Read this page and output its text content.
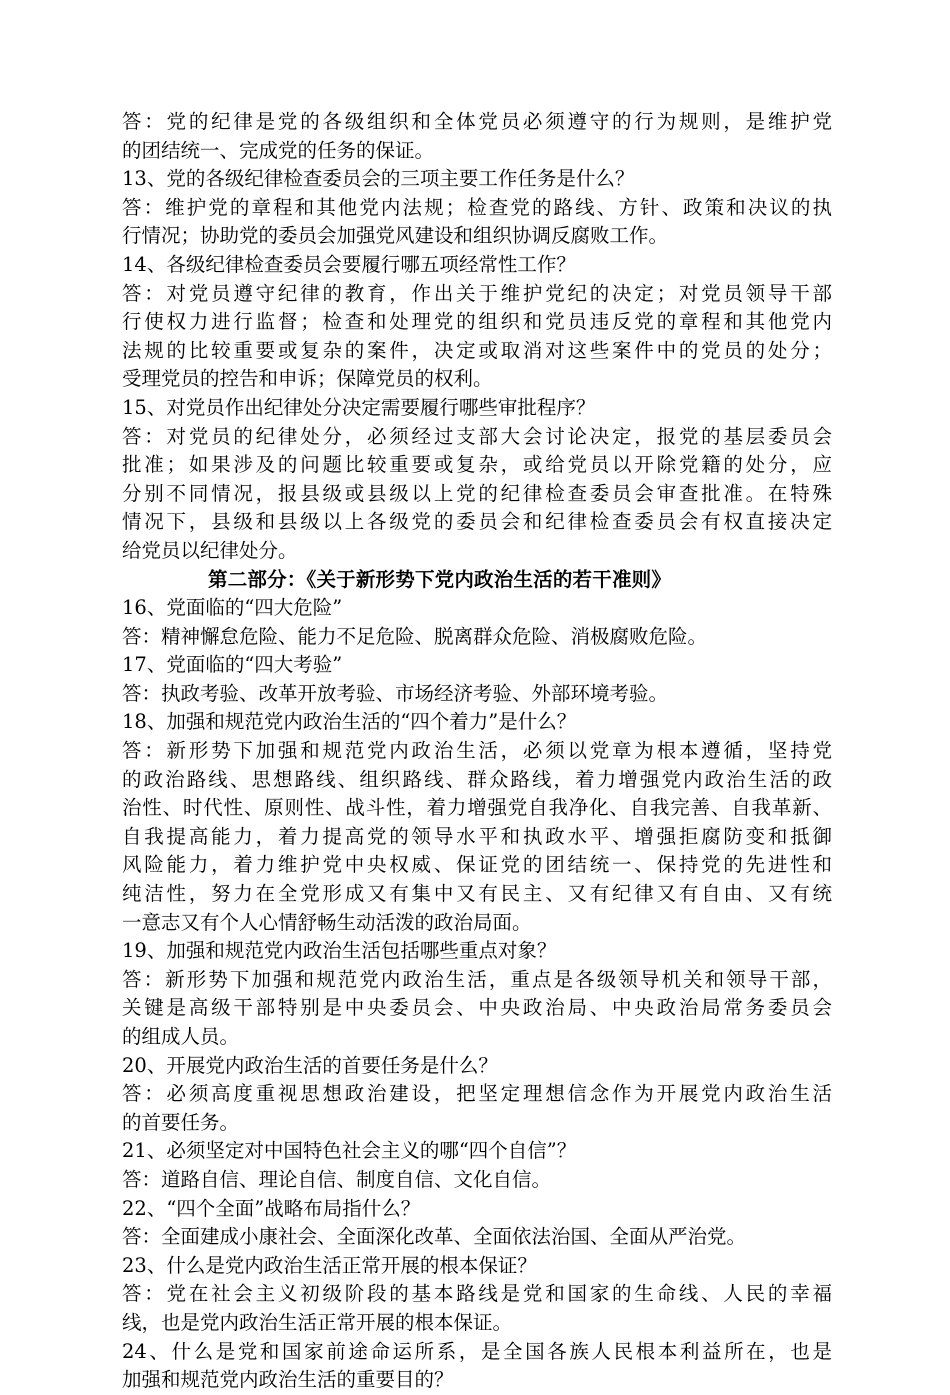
答：党的纪律是党的各级组织和全体党员必须遵守的行为规则，是维护党
的团结统一、完成党的任务的保证。
13、党的各级纪律检查委员会的三项主要工作任务是什么？
答：维护党的章程和其他党内法规；检查党的路线、方针、政策和决议的执
行情况；协助党的委员会加强党风建设和组织协调反腐败工作。
14、各级纪律检查委员会要履行哪五项经常性工作？
答：对党员遵守纪律的教育，作出关于维护党纪的决定；对党员领导干部
行使权力进行监督；检查和处理党的组织和党员违反党的章程和其他党内
法规的比较重要或复杂的案件，决定或取消对这些案件中的党员的处分；
受理党员的控告和申诉；保障党员的权利。
15、对党员作出纪律处分决定需要履行哪些审批程序？
答：对党员的纪律处分，必须经过支部大会讨论决定，报党的基层委员会
批准；如果涉及的问题比较重要或复杂，或给党员以开除党籍的处分，应
分别不同情况，报县级或县级以上党的纪律检查委员会审查批准。在特殊
情况下，县级和县级以上各级党的委员会和纪律检查委员会有权直接决定
给党员以纪律处分。
第二部分：《关于新形势下党内政治生活的若干准则》
16、党面临的“四大危险”
答：精神懈怠危险、能力不足危险、脱离群众危险、消极腐败危险。
17、党面临的“四大考验”
答：执政考验、改革开放考验、市场经济考验、外部环境考验。
18、加强和规范党内政治生活的“四个着力”是什么？
答：新形势下加强和规范党内政治生活，必须以党章为根本遵循，坚持党
的政治路线、思想路线、组织路线、群众路线，着力增强党内政治生活的政
治性、时代性、原则性、战斗性，着力增强党自我净化、自我完善、自我革新、
自我提高能力，着力提高党的领导水平和执政水平、增强拒腐防变和抵御
风险能力，着力维护党中央权威、保证党的团结统一、保持党的先进性和
纯洁性，努力在全党形成又有集中又有民主、又有纪律又有自由、又有统
一意志又有个人心情舒畅生动活泼的政治局面。
19、加强和规范党内政治生活包括哪些重点对象？
答：新形势下加强和规范党内政治生活，重点是各级领导机关和领导干部，
关键是高级干部特别是中央委员会、中央政治局、中央政治局常务委员会
的组成人员。
20、开展党内政治生活的首要任务是什么？
答：必须高度重视思想政治建设，把坚定理想信念作为开展党内政治生活
的首要任务。
21、必须坚定对中国特色社会主义的哪“四个自信”？
答：道路自信、理论自信、制度自信、文化自信。
22、“四个全面”战略布局指什么？
答：全面建成小康社会、全面深化改革、全面依法治国、全面从严治党。
23、什么是党内政治生活正常开展的根本保证？
答：党在社会主义初级阶段的基本路线是党和国家的生命线、人民的幸福
线，也是党内政治生活正常开展的根本保证。
24、什么是党和国家前途命运所系，是全国各族人民根本利益所在，也是
加强和规范党内政治生活的重要目的？
